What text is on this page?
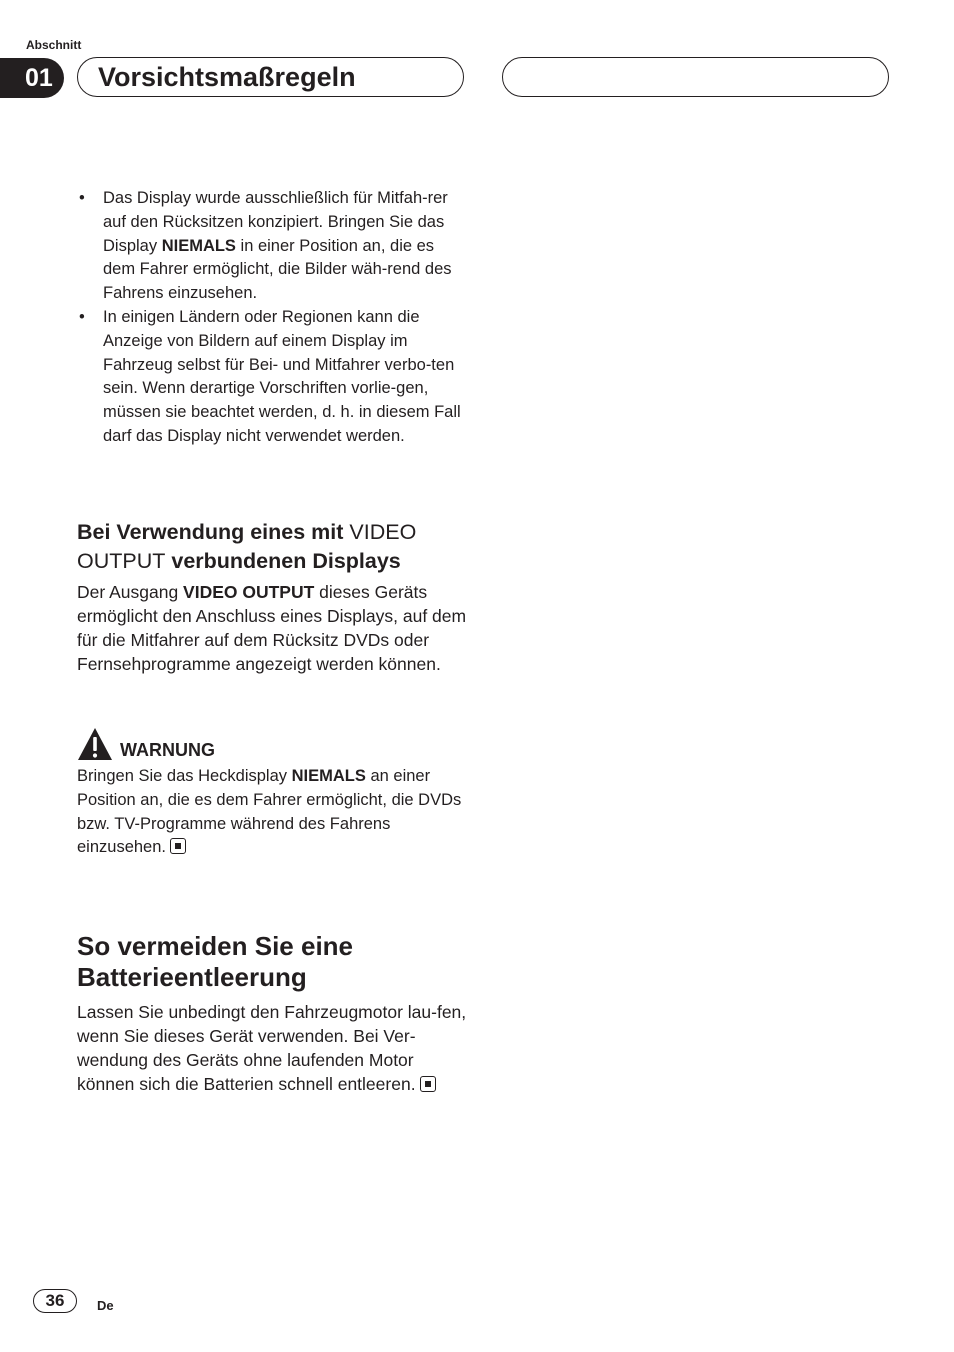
Abschnitt
01	Vorsichtsmaßregeln
• Das Display wurde ausschließlich für Mitfah-rer auf den Rücksitzen konzipiert. Bringen Sie das Display NIEMALS in einer Position an, die es dem Fahrer ermöglicht, die Bilder wäh-rend des Fahrens einzusehen.
• In einigen Ländern oder Regionen kann die Anzeige von Bildern auf einem Display im Fahrzeug selbst für Bei- und Mitfahrer verbo-ten sein. Wenn derartige Vorschriften vorlie-gen, müssen sie beachtet werden, d. h. in diesem Fall darf das Display nicht verwendet werden.
Bei Verwendung eines mit VIDEO OUTPUT verbundenen Displays
Der Ausgang VIDEO OUTPUT dieses Geräts ermöglicht den Anschluss eines Displays, auf dem für die Mitfahrer auf dem Rücksitz DVDs oder Fernsehprogramme angezeigt werden können.
WARNUNG
Bringen Sie das Heckdisplay NIEMALS an einer Position an, die es dem Fahrer ermöglicht, die DVDs bzw. TV-Programme während des Fahrens einzusehen.
So vermeiden Sie eine Batterieentleerung
Lassen Sie unbedingt den Fahrzeugmotor lau-fen, wenn Sie dieses Gerät verwenden. Bei Ver-wendung des Geräts ohne laufenden Motor können sich die Batterien schnell entleeren.
36	De
